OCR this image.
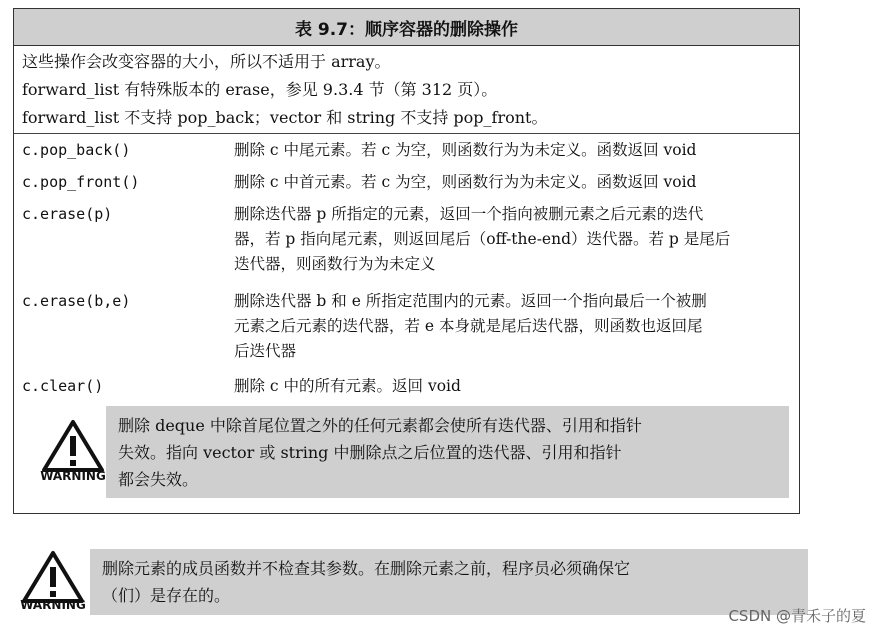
表 9.7：顺序容器的删除操作
这些操作会改变容器的大小，所以不适用于 array。
forward_list 有特殊版本的 erase，参见 9.3.4 节（第 312 页）。
forward_list 不支持 pop_back；vector 和 string 不支持 pop_front。
c.pop_back()	删除 c 中尾元素。若 c 为空，则函数行为为未定义。函数返回 void
c.pop_front()	删除 c 中首元素。若 c 为空，则函数行为为未定义。函数返回 void
c.erase(p)	删除迭代器 p 所指定的元素，返回一个指向被删元素之后元素的迭代
器，若 p 指向尾元素，则返回尾后（off-the-end）迭代器。若 p 是尾后
迭代器，则函数行为为未定义
c.erase(b,e)	删除迭代器 b 和 e 所指定范围内的元素。返回一个指向最后一个被删
元素之后元素的迭代器，若 e 本身就是尾后迭代器，则函数也返回尾
后迭代器
c.clear()	删除 c 中的所有元素。返回 void
WARNING
删除 deque 中除首尾位置之外的任何元素都会使所有迭代器、引用和指针
失效。指向 vector 或 string 中删除点之后位置的迭代器、引用和指针
都会失效。
WARNING
删除元素的成员函数并不检查其参数。在删除元素之前，程序员必须确保它
（们）是存在的。
CSDN @青禾子的夏
